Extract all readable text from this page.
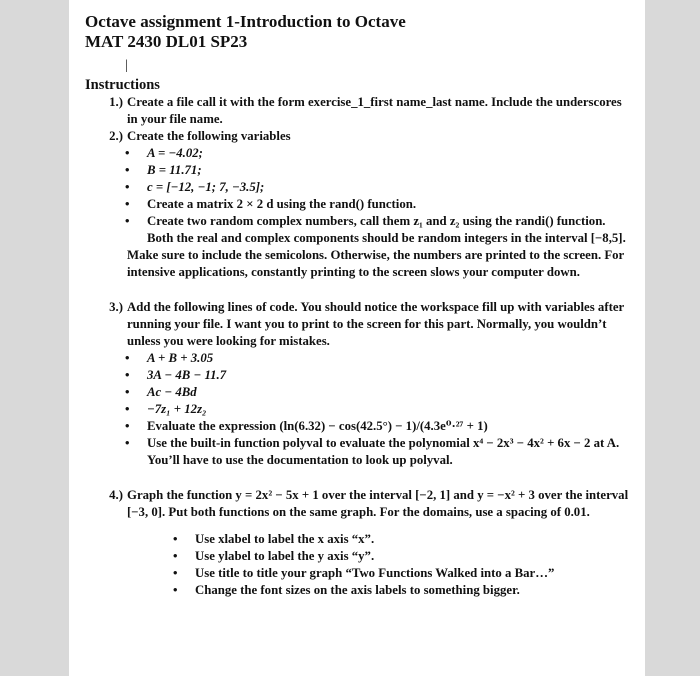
Octave assignment 1-Introduction to Octave
MAT 2430 DL01 SP23
|
Instructions
1.) Create a file call it with the form exercise_1_first name_last name. Include the underscores in your file name.
2.) Create the following variables
•	A = −4.02;
•	B = 11.71;
•	c = [−12, −1; 7, −3.5];
•	Create a matrix 2 × 2 d using the rand() function.
•	Create two random complex numbers, call them z₁ and z₂ using the randi() function. Both the real and complex components should be random integers in the interval [−8,5].
Make sure to include the semicolons. Otherwise, the numbers are printed to the screen. For intensive applications, constantly printing to the screen slows your computer down.
3.) Add the following lines of code. You should notice the workspace fill up with variables after running your file. I want you to print to the screen for this part. Normally, you wouldn’t unless you were looking for mistakes.
•	A + B + 3.05
•	3A − 4B − 11.7
•	Ac − 4Bd
•	−7z₁ + 12z₂
•	Evaluate the expression (ln(6.32) − cos(42.5°) − 1)/(4.3e⁰·²⁷ + 1)
•	Use the built-in function polyval to evaluate the polynomial x⁴ − 2x³ − 4x² + 6x − 2 at A. You’ll have to use the documentation to look up polyval.
4.) Graph the function y = 2x² − 5x + 1 over the interval [−2, 1] and y = −x² + 3 over the interval [−3, 0]. Put both functions on the same graph. For the domains, use a spacing of 0.01.
•	Use xlabel to label the x axis “x”.
•	Use ylabel to label the y axis “y”.
•	Use title to title your graph “Two Functions Walked into a Bar…”
•	Change the font sizes on the axis labels to something bigger.
